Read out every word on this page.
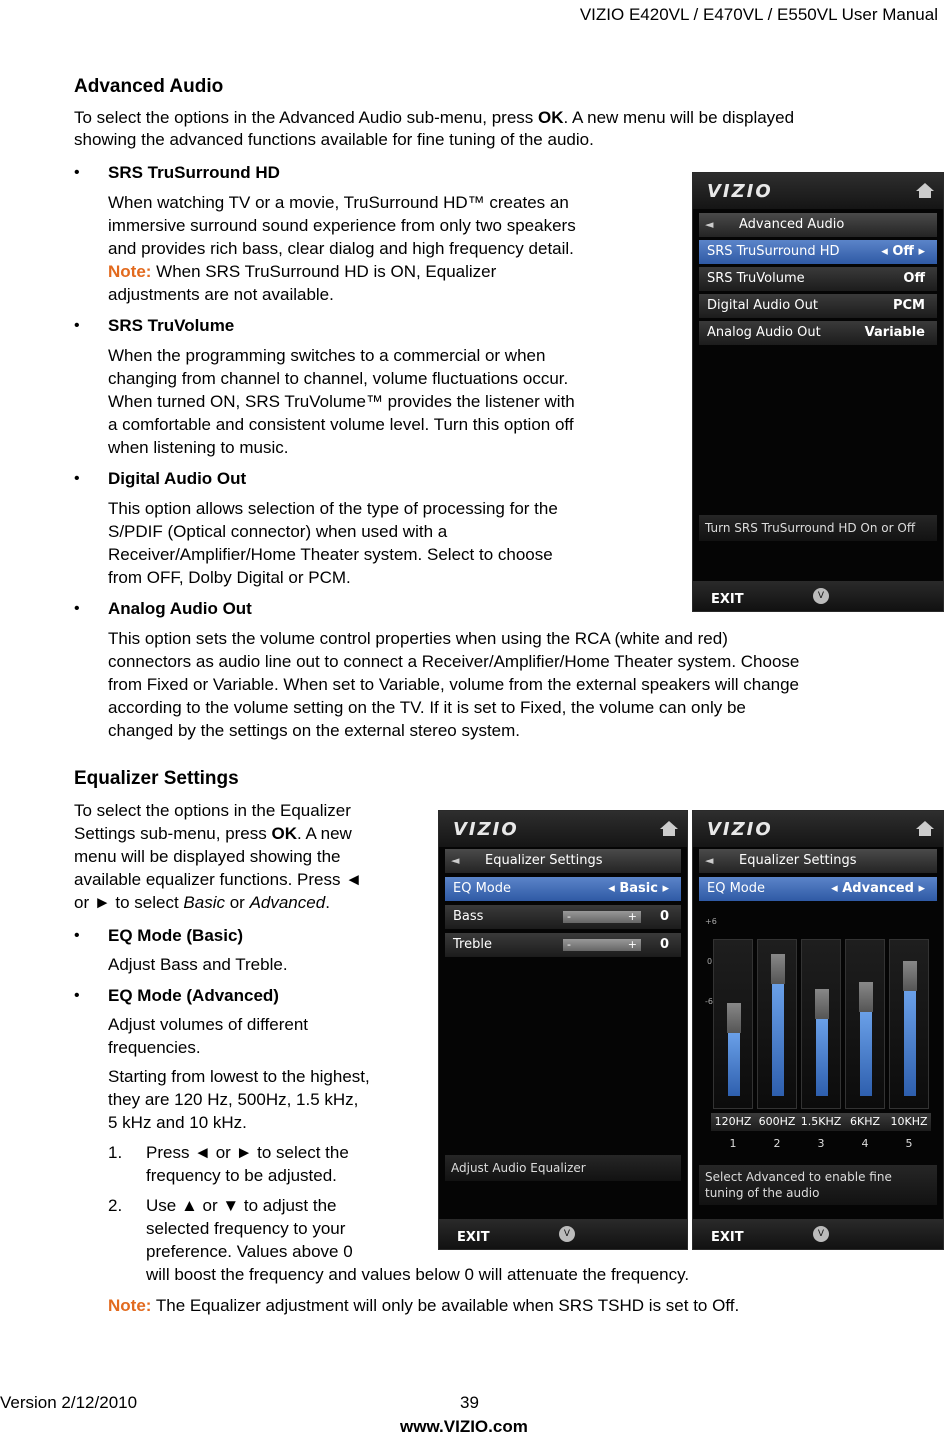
VIZIO E420VL / E470VL / E550VL User Manual
Advanced Audio
To select the options in the Advanced Audio sub-menu, press OK. A new menu will be displayed
showing the advanced functions available for fine tuning of the audio.
• SRS TruSurround HD
When watching TV or a movie, TruSurround HD™ creates an
immersive surround sound experience from only two speakers
and provides rich bass, clear dialog and high frequency detail.
Note: When SRS TruSurround HD is ON, Equalizer
adjustments are not available.
• SRS TruVolume
When the programming switches to a commercial or when
changing from channel to channel, volume fluctuations occur.
When turned ON, SRS TruVolume™ provides the listener with
a comfortable and consistent volume level. Turn this option off
when listening to music.
• Digital Audio Out
This option allows selection of the type of processing for the
S/PDIF (Optical connector) when used with a
Receiver/Amplifier/Home Theater system. Select to choose
from OFF, Dolby Digital or PCM.
• Analog Audio Out
This option sets the volume control properties when using the RCA (white and red)
connectors as audio line out to connect a Receiver/Amplifier/Home Theater system. Choose
from Fixed or Variable. When set to Variable, volume from the external speakers will change
according to the volume setting on the TV. If it is set to Fixed, the volume can only be
changed by the settings on the external stereo system.
VIZIO
◄ Advanced Audio
SRS TruSurround HD	◂ Off ▸
SRS TruVolume	Off
Digital Audio Out	PCM
Analog Audio Out	Variable
Turn SRS TruSurround HD On or Off
EXIT	V
Equalizer Settings
To select the options in the Equalizer
Settings sub-menu, press OK. A new
menu will be displayed showing the
available equalizer functions. Press ◄
or ► to select Basic or Advanced.
• EQ Mode (Basic)
Adjust Bass and Treble.
• EQ Mode (Advanced)
Adjust volumes of different
frequencies.
Starting from lowest to the highest,
they are 120 Hz, 500Hz, 1.5 kHz,
5 kHz and 10 kHz.
1. Press ◄ or ► to select the
frequency to be adjusted.
2. Use ▲ or ▼ to adjust the
selected frequency to your
preference. Values above 0
will boost the frequency and values below 0 will attenuate the frequency.
Note: The Equalizer adjustment will only be available when SRS TSHD is set to Off.
VIZIO
◄ Equalizer Settings
EQ Mode	◂ Basic ▸
Bass	-	+ 0
Treble	-	+ 0
Adjust Audio Equalizer
EXIT	V
VIZIO
◄ Equalizer Settings
EQ Mode	◂ Advanced ▸
+6
0
-6
120HZ
1
600HZ
2
1.5KHZ
3
6KHZ
4
10KHZ
5
Select Advanced to enable fine
tuning of the audio
EXIT	V
Version 2/12/2010	39
www.VIZIO.com
